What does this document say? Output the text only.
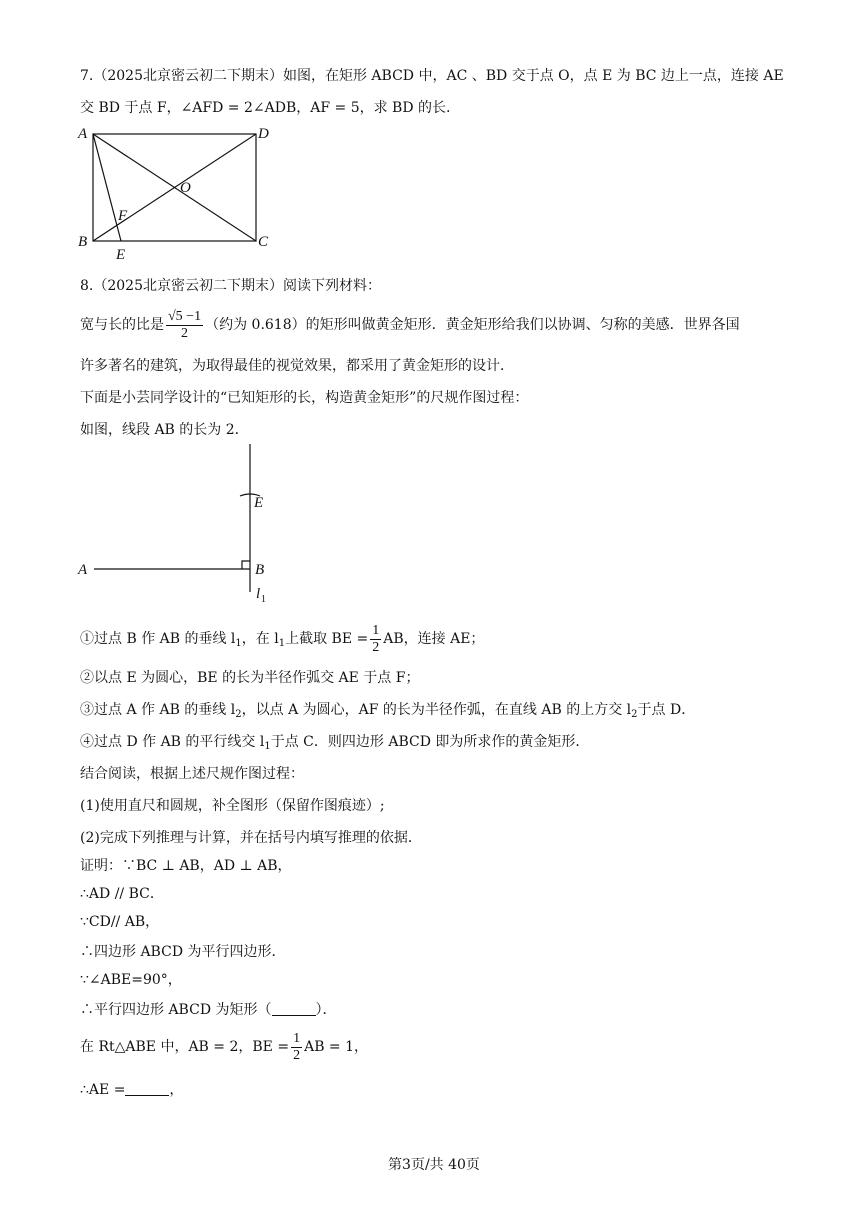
7.（2025北京密云初二下期末）如图，在矩形 ABCD 中，AC 、BD 交于点 O，点 E 为 BC 边上一点，连接 AE
交 BD 于点 F，∠AFD = 2∠ADB，AF = 5，求 BD 的长.
A	D
O
F
B
E
C
8.（2025北京密云初二下期末）阅读下列材料：
宽与长的比是 $\frac{√5 -1}{2}$ （约为 0.618）的矩形叫做黄金矩形．黄金矩形给我们以协调、匀称的美感．世界各国
许多著名的建筑，为取得最佳的视觉效果，都采用了黄金矩形的设计．
下面是小芸同学设计的“已知矩形的长，构造黄金矩形”的尺规作图过程：
如图，线段 AB 的长为 2．
A	B
E
l 1
①过点 B 作 AB 的垂线 $l_1$，在 $l_1$上截取 BE = $\frac{1}{2}$ AB，连接 AE；
②以点 E 为圆心，BE 的长为半径作弧交 AE 于点 F；
③过点 A 作 AB 的垂线 $l_2$，以点 A 为圆心，AF 的长为半径作弧，在直线 AB 的上方交 $l_2$于点 D．
④过点 D 作 AB 的平行线交 $l_1$于点 C．则四边形 ABCD 即为所求作的黄金矩形．
结合阅读，根据上述尺规作图过程：
(1)使用直尺和圆规，补全图形（保留作图痕迹）;
(2)完成下列推理与计算，并在括号内填写推理的依据．
证明：∵BC ⊥ AB，AD ⊥ AB，
∴AD // BC．
∵CD// AB，
∴四边形 ABCD 为平行四边形．
∵∠ABE=90°，
∴平行四边形 ABCD 为矩形（	）．
在 Rt△ABE 中，AB = 2，BE = $\frac{1}{2}$ AB = 1，
∴AE =	，
第3页/共 40页
